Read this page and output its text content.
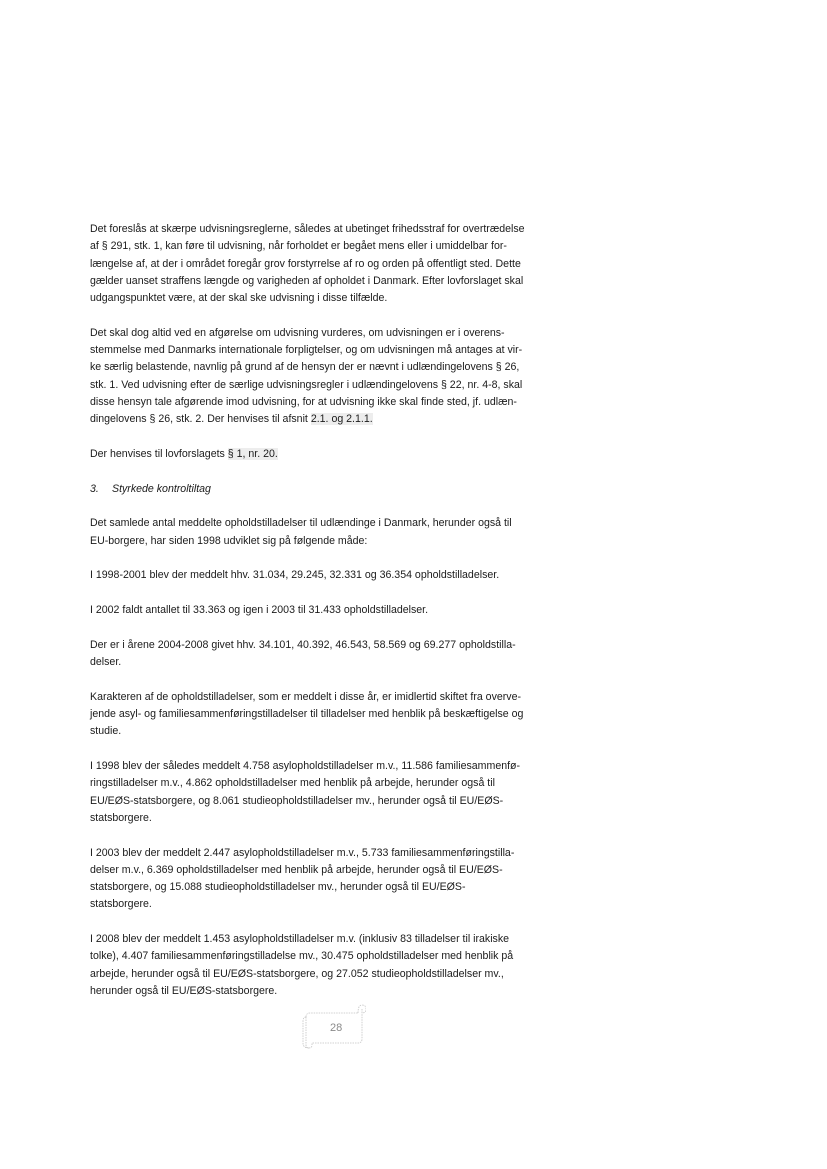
Det foreslås at skærpe udvisningsreglerne, således at ubetinget frihedsstraf for overtrædelse
af § 291, stk. 1, kan føre til udvisning, når forholdet er begået mens eller i umiddelbar for-
længelse af, at der i området foregår grov forstyrrelse af ro og orden på offentligt sted. Dette
gælder uanset straffens længde og varigheden af opholdet i Danmark. Efter lovforslaget skal
udgangspunktet være, at der skal ske udvisning i disse tilfælde.

Det skal dog altid ved en afgørelse om udvisning vurderes, om udvisningen er i overens-
stemmelse med Danmarks internationale forpligtelser, og om udvisningen må antages at vir-
ke særlig belastende, navnlig på grund af de hensyn der er nævnt i udlændingelovens § 26,
stk. 1. Ved udvisning efter de særlige udvisningsregler i udlændingelovens § 22, nr. 4-8, skal
disse hensyn tale afgørende imod udvisning, for at udvisning ikke skal finde sted, jf. udlæn-
dingelovens § 26, stk. 2. Der henvises til afsnit 2.1. og 2.1.1.

Der henvises til lovforslagets § 1, nr. 20.

3. Styrkede kontroltiltag

Det samlede antal meddelte opholdstilladelser til udlændinge i Danmark, herunder også til
EU-borgere, har siden 1998 udviklet sig på følgende måde:

I 1998-2001 blev der meddelt hhv. 31.034, 29.245, 32.331 og 36.354 opholdstilladelser.

I 2002 faldt antallet til 33.363 og igen i 2003 til 31.433 opholdstilladelser.

Der er i årene 2004-2008 givet hhv. 34.101, 40.392, 46.543, 58.569 og 69.277 opholdstilla-
delser.

Karakteren af de opholdstilladelser, som er meddelt i disse år, er imidlertid skiftet fra overve-
jende asyl- og familiesammenføringstilladelser til tilladelser med henblik på beskæftigelse og
studie.

I 1998 blev der således meddelt 4.758 asylopholdstilladelser m.v., 11.586 familiesammenfø-
ringstilladelser m.v., 4.862 opholdstilladelser med henblik på arbejde, herunder også til
EU/EØS-statsborgere, og 8.061 studieopholdstilladelser mv., herunder også til EU/EØS-
statsborgere.

I 2003 blev der meddelt 2.447 asylopholdstilladelser m.v., 5.733 familiesammenføringstilla-
delser m.v., 6.369 opholdstilladelser med henblik på arbejde, herunder også til EU/EØS-
statsborgere, og 15.088 studieopholdstilladelser mv., herunder også til EU/EØS-
statsborgere.

I 2008 blev der meddelt 1.453 asylopholdstilladelser m.v. (inklusiv 83 tilladelser til irakiske
tolke), 4.407 familiesammenføringstilladelse mv., 30.475 opholdstilladelser med henblik på
arbejde, herunder også til EU/EØS-statsborgere, og 27.052 studieopholdstilladelser mv.,
herunder også til EU/EØS-statsborgere.

28
